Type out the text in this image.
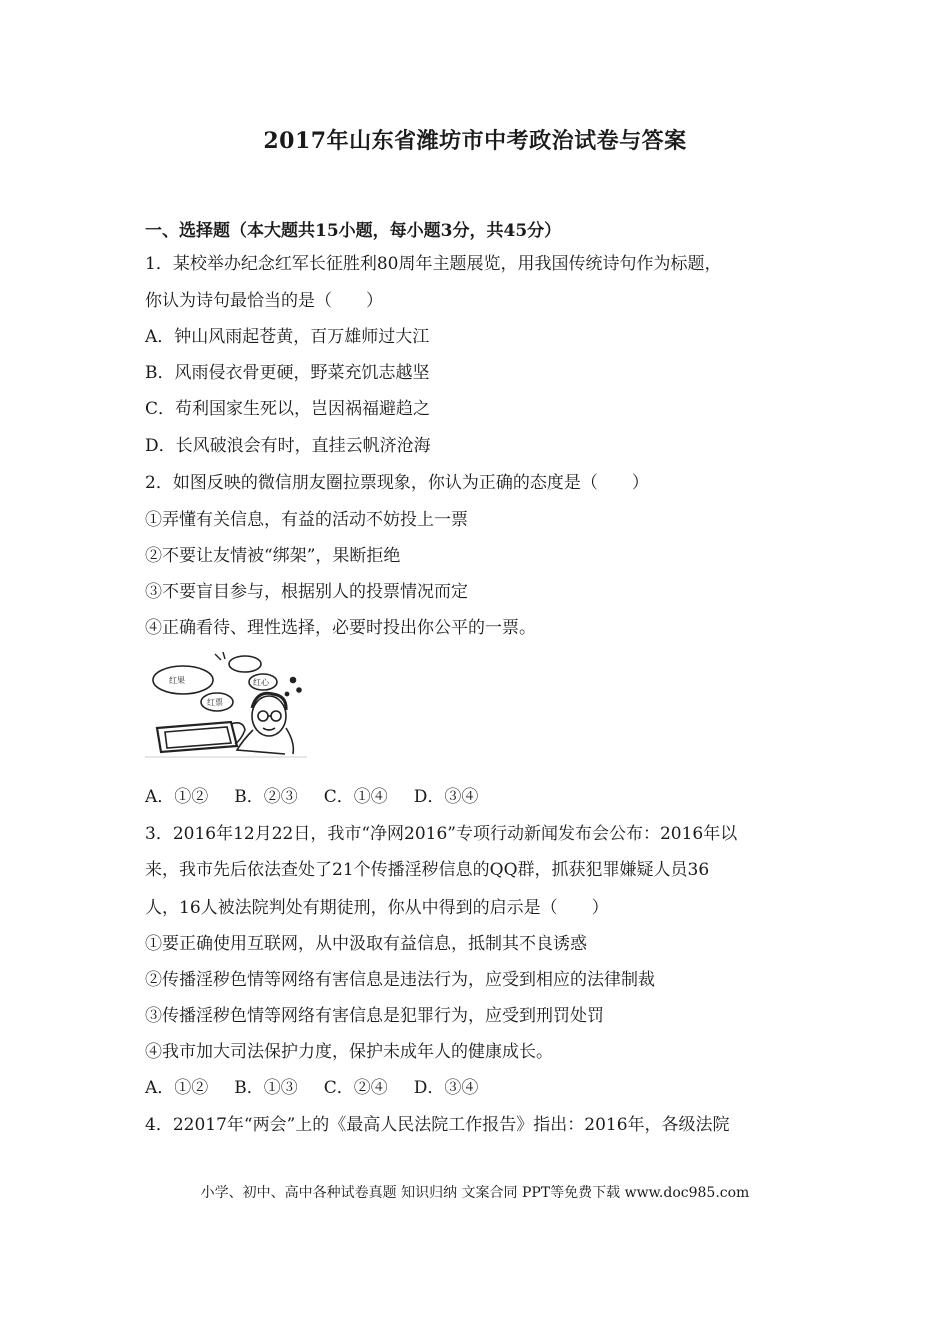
2017年山东省潍坊市中考政治试卷与答案
一、选择题（本大题共15小题，每小题3分，共45分）
1．某校举办纪念红军长征胜利80周年主题展览，用我国传统诗句作为标题，
你认为诗句最恰当的是（　　）
A．钟山风雨起苍黄，百万雄师过大江
B．风雨侵衣骨更硬，野菜充饥志越坚
C．苟利国家生死以，岂因祸福避趋之
D．长风破浪会有时，直挂云帆济沧海
2．如图反映的微信朋友圈拉票现象，你认为正确的态度是（　　）
①弄懂有关信息，有益的活动不妨投上一票
②不要让友情被“绑架”，果断拒绝
③不要盲目参与，根据别人的投票情况而定
④正确看待、理性选择，必要时投出你公平的一票。
红果	红心
红票
A．①② B．②③ C．①④ D．③④
3．2016年12月22日，我市“净网2016”专项行动新闻发布会公布：2016年以
来，我市先后依法查处了21个传播淫秽信息的QQ群，抓获犯罪嫌疑人员36
人，16人被法院判处有期徒刑，你从中得到的启示是（　　）
①要正确使用互联网，从中汲取有益信息，抵制其不良诱惑
②传播淫秽色情等网络有害信息是违法行为，应受到相应的法律制裁
③传播淫秽色情等网络有害信息是犯罪行为，应受到刑罚处罚
④我市加大司法保护力度，保护未成年人的健康成长。
A．①② B．①③ C．②④ D．③④
4．22017年“两会”上的《最高人民法院工作报告》指出：2016年，各级法院
小学、初中、高中各种试卷真题 知识归纳 文案合同 PPT等免费下载 www.doc985.com
